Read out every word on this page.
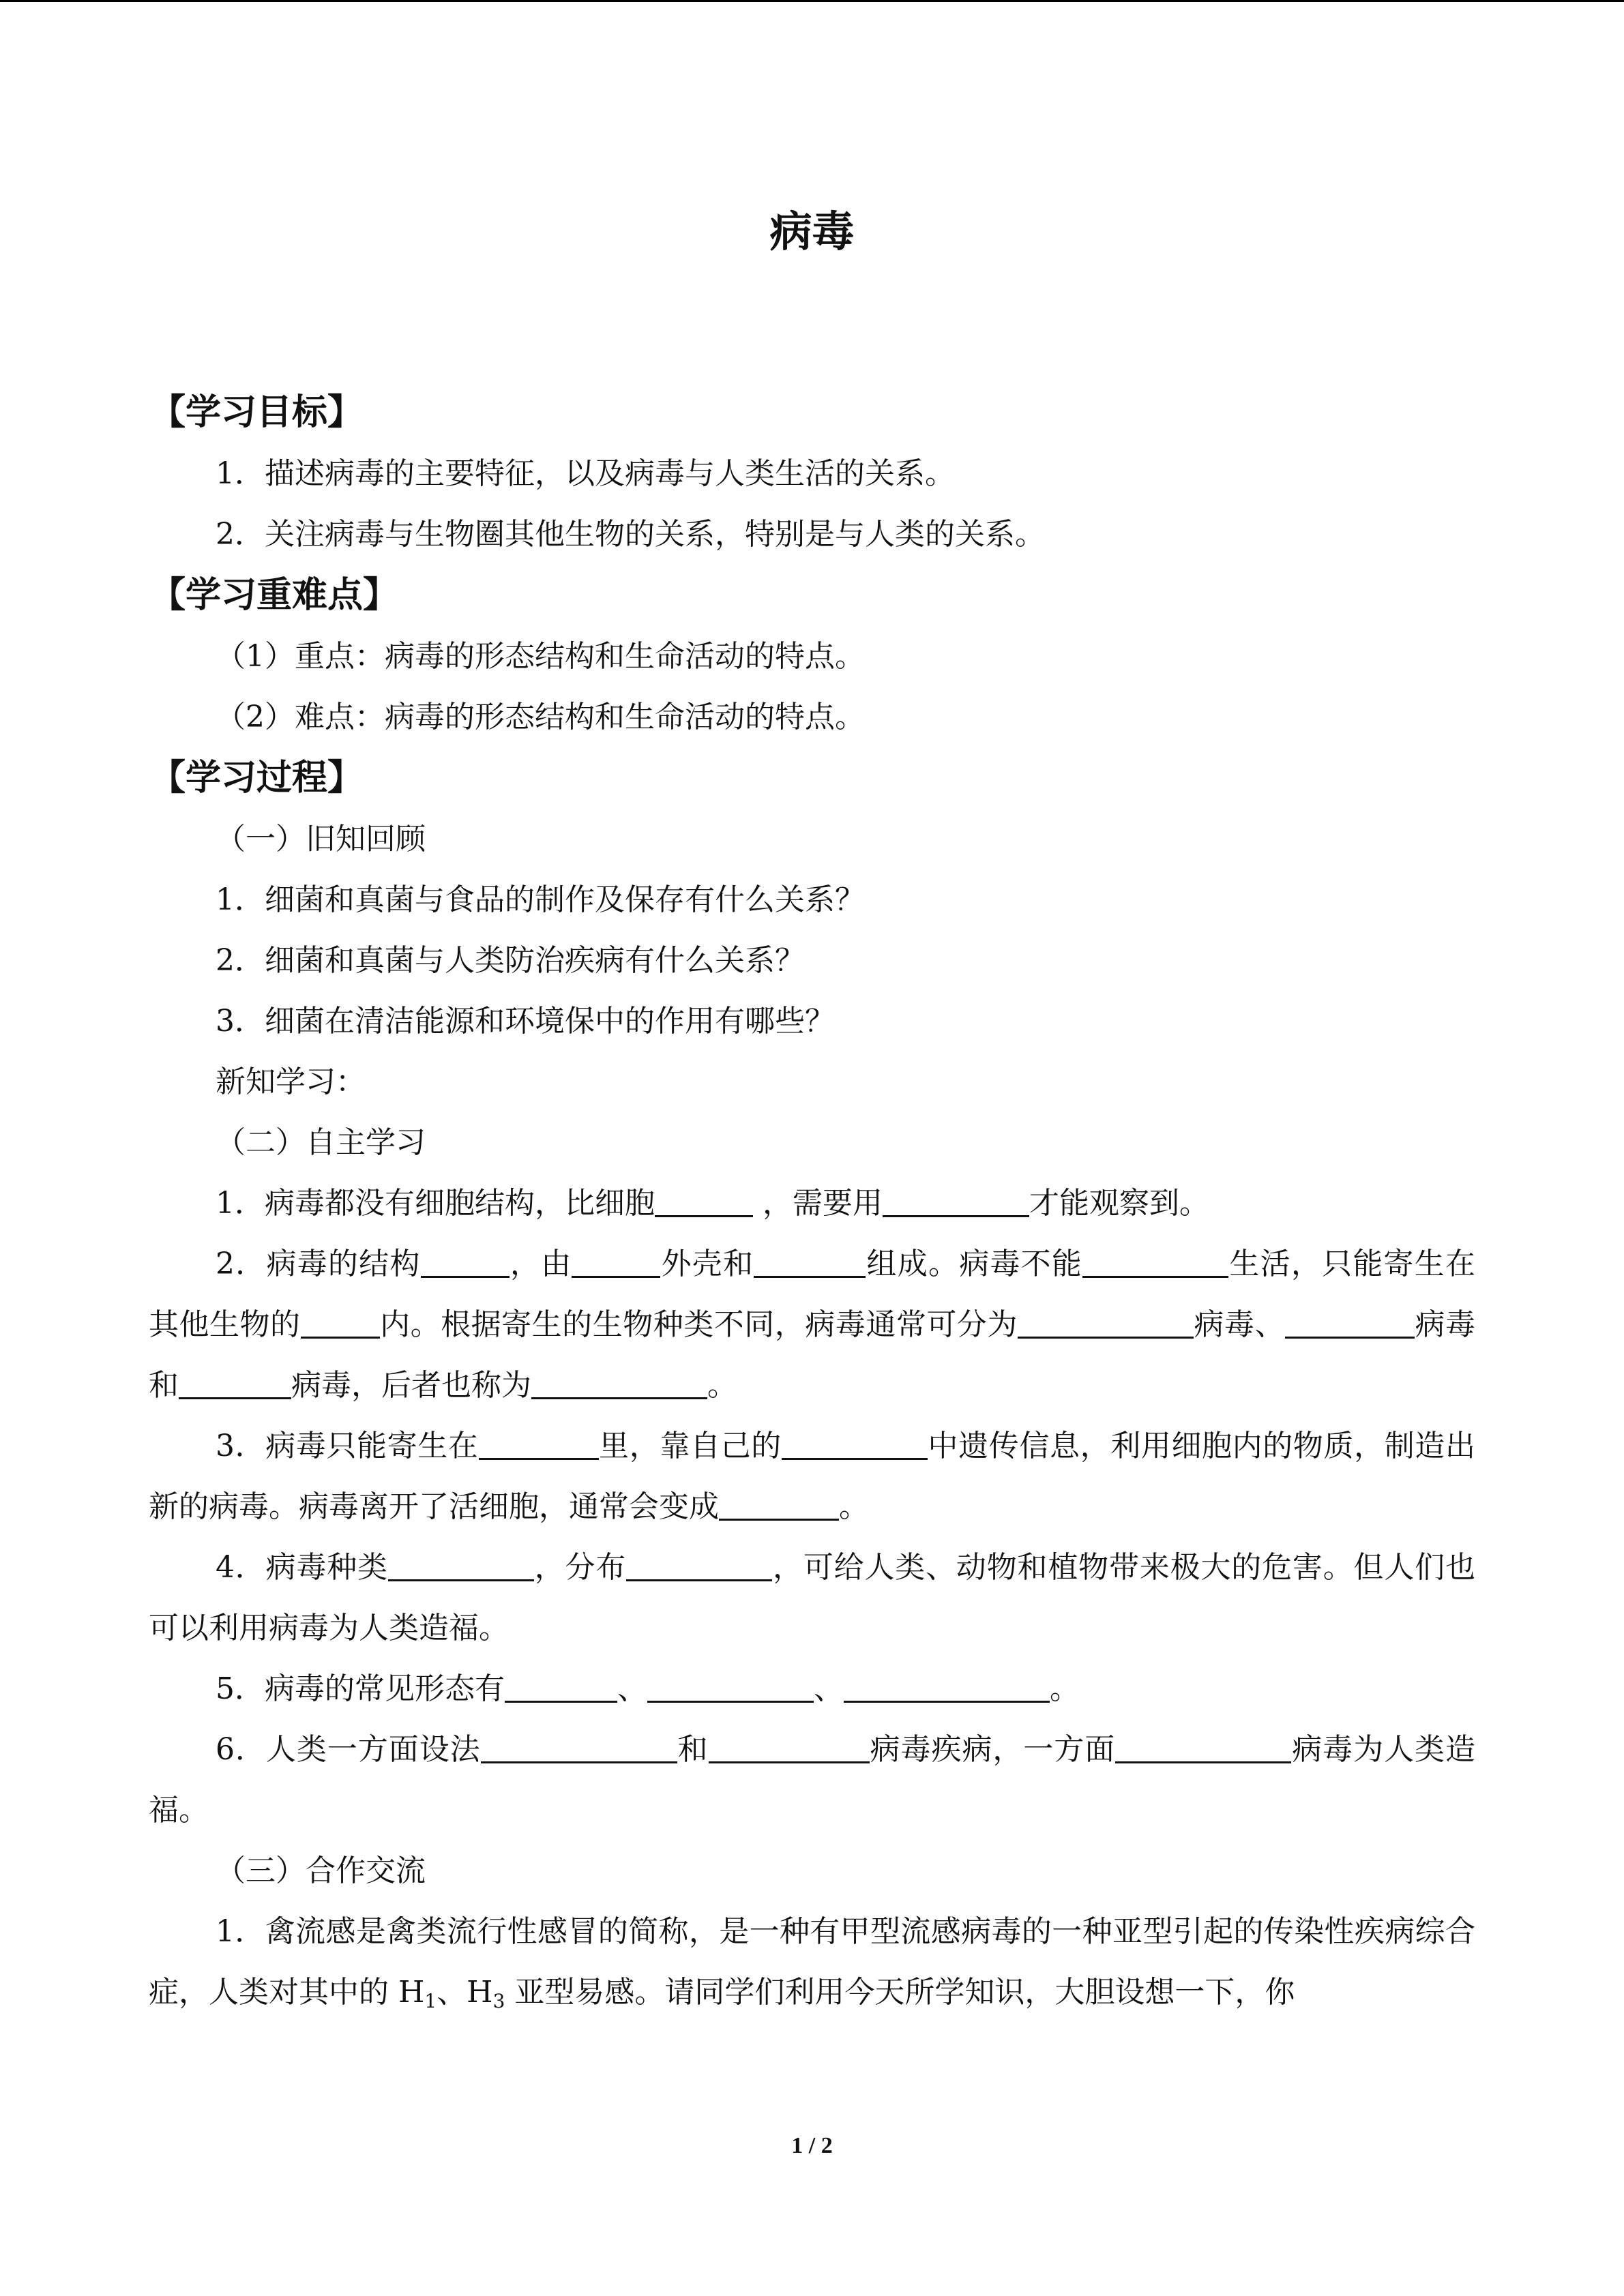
病毒
【学习目标】

1．描述病毒的主要特征，以及病毒与人类生活的关系。

2．关注病毒与生物圈其他生物的关系，特别是与人类的关系。

【学习重难点】

（1）重点：病毒的形态结构和生命活动的特点。

（2）难点：病毒的形态结构和生命活动的特点。

【学习过程】

（一）旧知回顾

1．细菌和真菌与食品的制作及保存有什么关系？

2．细菌和真菌与人类防治疾病有什么关系？

3．细菌在清洁能源和环境保中的作用有哪些？

新知学习：

（二）自主学习

1．病毒都没有细胞结构，比细胞	，需要用	才能观察到。

2．病毒的结构	，由	外壳和	组成。病毒不能	生活，只能寄生在其他生物的	内。根据寄生的生物种类不同，病毒通常可分为	病毒、	病毒和	病毒，后者也称为	。

3．病毒只能寄生在	里，靠自己的	中遗传信息，利用细胞内的物质，制造出新的病毒。病毒离开了活细胞，通常会变成	。

4．病毒种类	，分布	，可给人类、动物和植物带来极大的危害。但人们也可以利用病毒为人类造福。

5．病毒的常见形态有	、	、	。

6．人类一方面设法	和	病毒疾病，一方面	病毒为人类造福。

（三）合作交流

1．禽流感是禽类流行性感冒的简称，是一种有甲型流感病毒的一种亚型引起的传染性疾病综合症，人类对其中的 $H_1$、$H_3$ 亚型易感。请同学们利用今天所学知识，大胆设想一下，你

1 / 2
